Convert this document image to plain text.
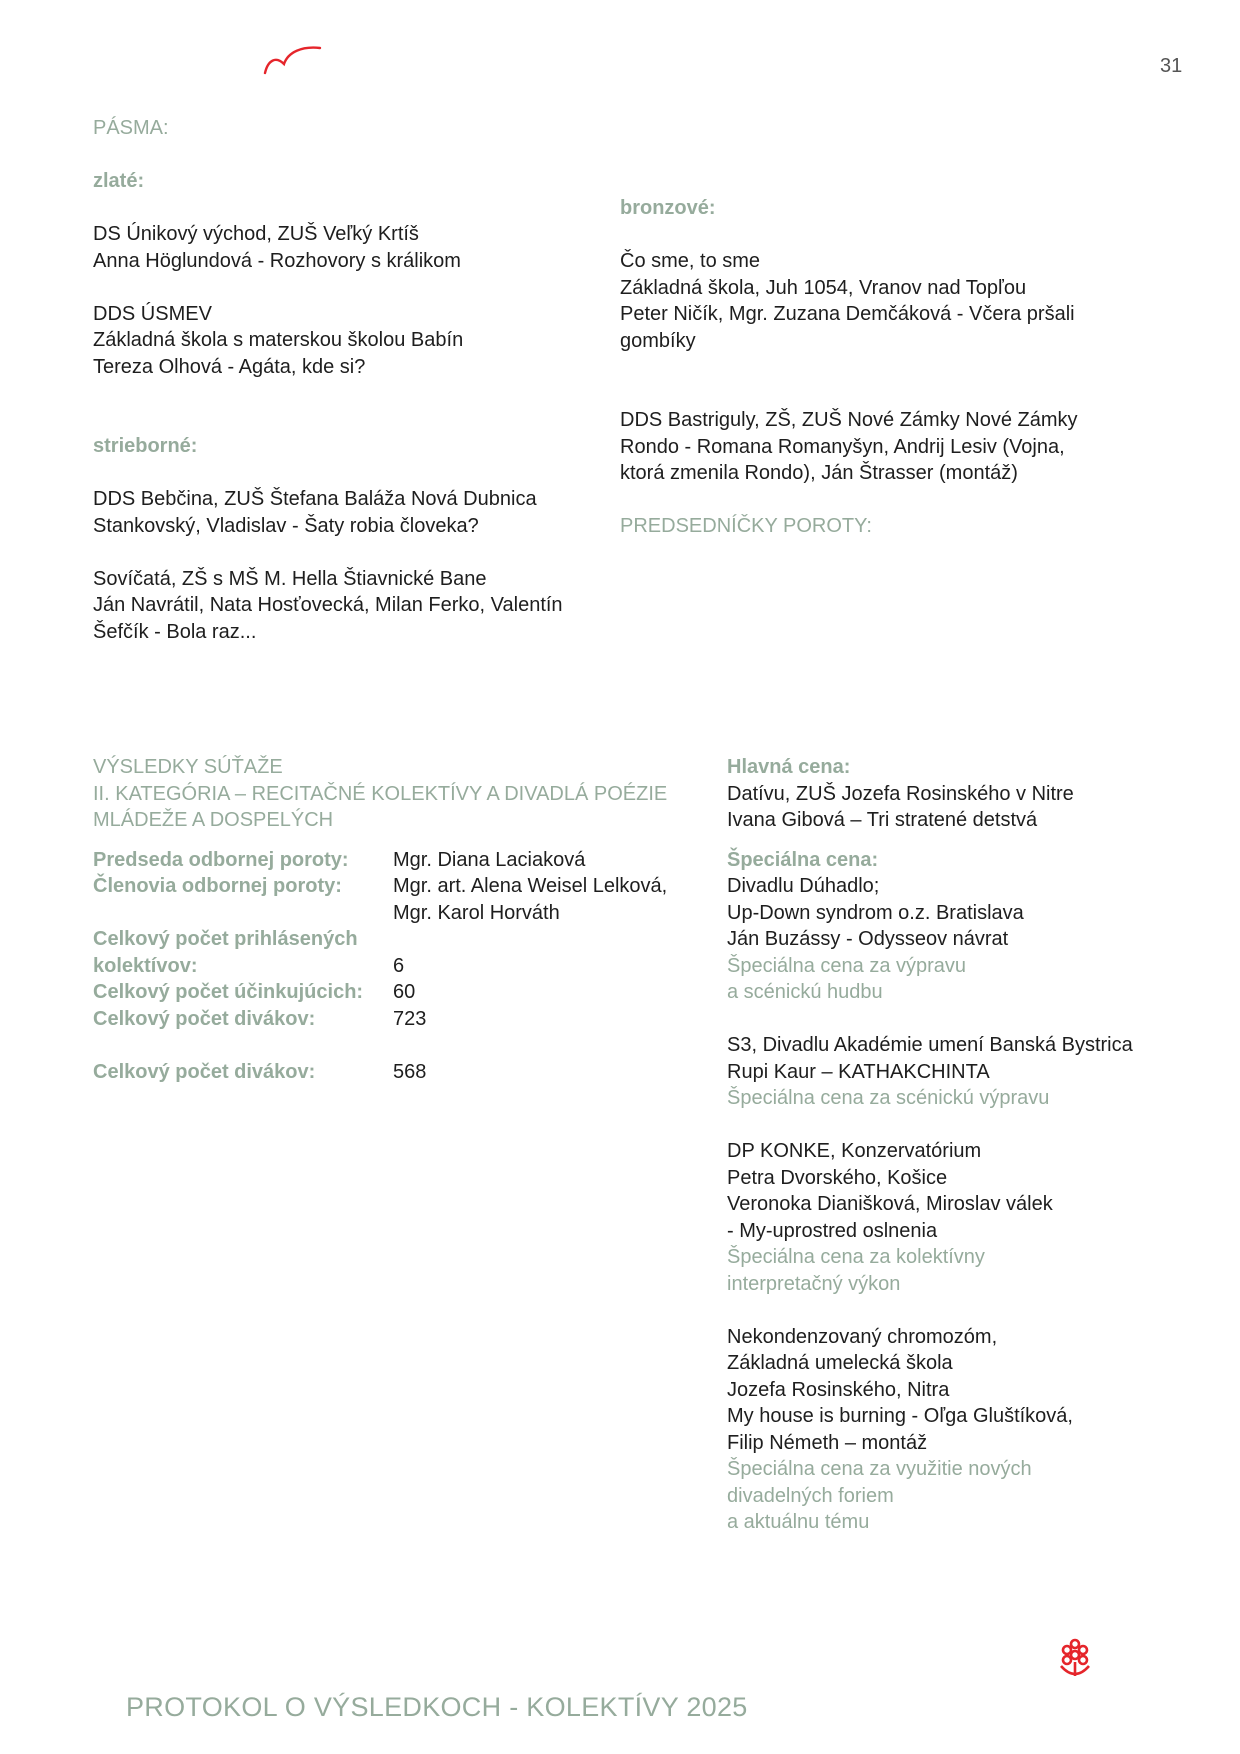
31
PÁSMA:
zlaté:
DS Únikový východ, ZUŠ Veľký Krtíš
Anna Höglundová - Rozhovory s králikom
DDS ÚSMEV
Základná škola s materskou školou Babín
Tereza Olhová - Agáta, kde si?
strieborné:
DDS Bebčina, ZUŠ Štefana Baláža Nová Dubnica
Stankovský, Vladislav - Šaty robia človeka?
Sovíčatá, ZŠ s MŠ M. Hella Štiavnické Bane
Ján Navrátil, Nata Hosťovecká, Milan Ferko, Valentín
Šefčík - Bola raz...
bronzové:
Čo sme, to sme
Základná škola, Juh 1054, Vranov nad Topľou
Peter Ničík, Mgr. Zuzana Demčáková - Včera pršali
gombíky
DDS Bastriguly, ZŠ, ZUŠ Nové Zámky Nové Zámky
Rondo - Romana Romanyšyn, Andrij Lesiv (Vojna,
ktorá zmenila Rondo), Ján Štrasser (montáž)
PREDSEDNÍČKY POROTY:
VÝSLEDKY SÚŤAŽE
II. KATEGÓRIA – RECITAČNÉ KOLEKTÍVY A DIVADLÁ POÉZIE
MLÁDEŽE A DOSPELÝCH
Predseda odbornej poroty:	Mgr. Diana Laciaková
Členovia odbornej poroty:	Mgr. art. Alena Weisel Lelková,
Mgr. Karol Horváth
Celkový počet prihlásených
kolektívov:	6
Celkový počet účinkujúcich:	60
Celkový počet divákov:	723
Celkový počet divákov:	568
Hlavná cena:
Datívu, ZUŠ Jozefa Rosinského v Nitre
Ivana Gibová – Tri stratené detstvá
Špeciálna cena:
Divadlu Dúhadlo;
Up-Down syndrom o.z. Bratislava
Ján Buzássy - Odysseov návrat
Špeciálna cena za výpravu
a scénickú hudbu
S3, Divadlu Akadémie umení Banská Bystrica
Rupi Kaur – KATHAKCHINTA
Špeciálna cena za scénickú výpravu
DP KONKE, Konzervatórium
Petra Dvorského, Košice
Veronoka Dianišková, Miroslav válek
- My-uprostred oslnenia
Špeciálna cena za kolektívny
interpretačný výkon
Nekondenzovaný chromozóm,
Základná umelecká škola
Jozefa Rosinského, Nitra
My house is burning - Oľga Gluštíková,
Filip Németh – montáž
Špeciálna cena za využitie nových
divadelných foriem
a aktuálnu tému
PROTOKOL O VÝSLEDKOCH - KOLEKTÍVY 2025
